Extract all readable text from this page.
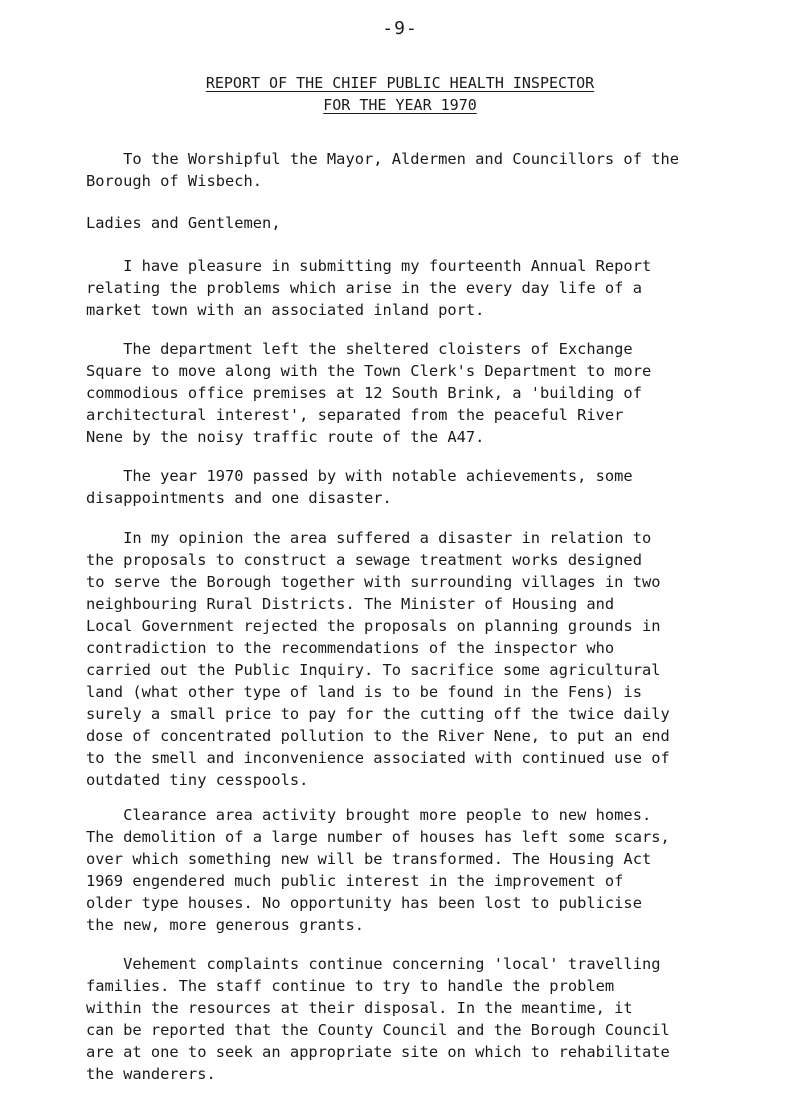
-9-
REPORT OF THE CHIEF PUBLIC HEALTH INSPECTOR
FOR THE YEAR 1970
To the Worshipful the Mayor, Aldermen and Councillors of the
Borough of Wisbech.
Ladies and Gentlemen,
I have pleasure in submitting my fourteenth Annual Report
relating the problems which arise in the every day life of a
market town with an associated inland port.
The department left the sheltered cloisters of Exchange
Square to move along with the Town Clerk's Department to more
commodious office premises at 12 South Brink, a 'building of
architectural interest', separated from the peaceful River
Nene by the noisy traffic route of the A47.
The year 1970 passed by with notable achievements, some
disappointments and one disaster.
In my opinion the area suffered a disaster in relation to
the proposals to construct a sewage treatment works designed
to serve the Borough together with surrounding villages in two
neighbouring Rural Districts. The Minister of Housing and
Local Government rejected the proposals on planning grounds in
contradiction to the recommendations of the inspector who
carried out the Public Inquiry. To sacrifice some agricultural
land (what other type of land is to be found in the Fens) is
surely a small price to pay for the cutting off the twice daily
dose of concentrated pollution to the River Nene, to put an end
to the smell and inconvenience associated with continued use of
outdated tiny cesspools.
Clearance area activity brought more people to new homes.
The demolition of a large number of houses has left some scars,
over which something new will be transformed. The Housing Act
1969 engendered much public interest in the improvement of
older type houses. No opportunity has been lost to publicise
the new, more generous grants.
Vehement complaints continue concerning 'local' travelling
families. The staff continue to try to handle the problem
within the resources at their disposal. In the meantime, it
can be reported that the County Council and the Borough Council
are at one to seek an appropriate site on which to rehabilitate
the wanderers.
